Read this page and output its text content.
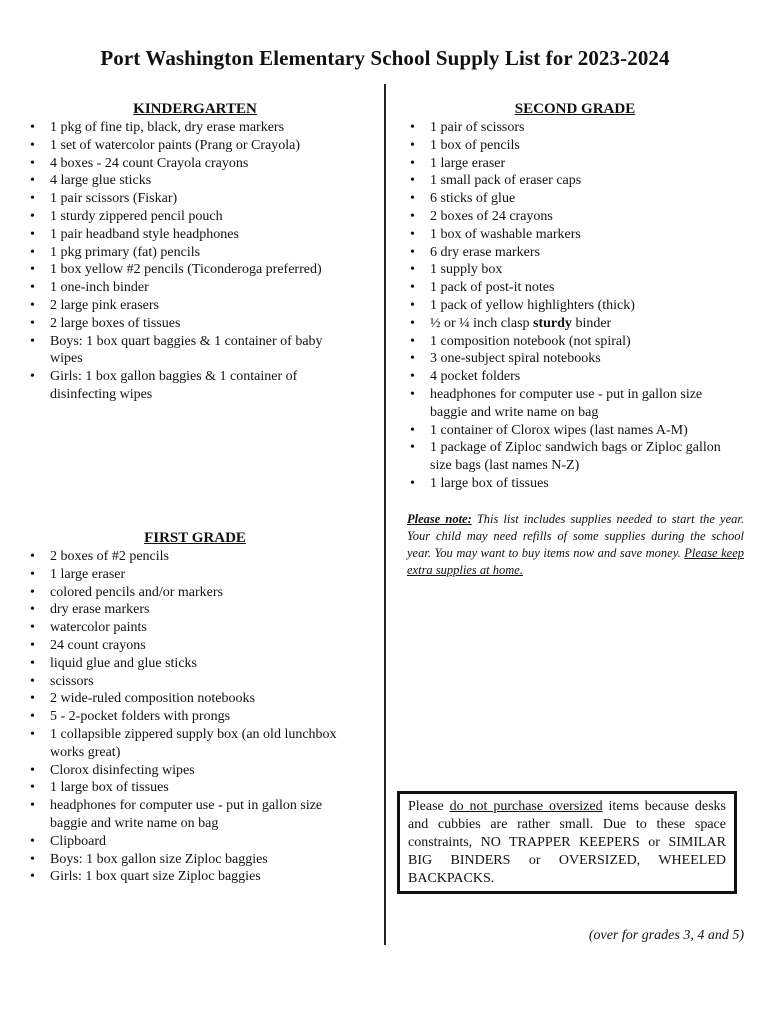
Port Washington Elementary School Supply List for 2023-2024
KINDERGARTEN
• 1 pkg of fine tip, black, dry erase markers
• 1 set of watercolor paints (Prang or Crayola)
• 4 boxes - 24 count Crayola crayons
• 4 large glue sticks
• 1 pair scissors (Fiskar)
• 1 sturdy zippered pencil pouch
• 1 pair headband style headphones
• 1 pkg primary (fat) pencils
• 1 box yellow #2 pencils (Ticonderoga preferred)
• 1 one-inch binder
• 2 large pink erasers
• 2 large boxes of tissues
• Boys: 1 box quart baggies & 1 container of baby wipes
• Girls: 1 box gallon baggies & 1 container of disinfecting wipes
FIRST GRADE
• 2 boxes of #2 pencils
• 1 large eraser
• colored pencils and/or markers
• dry erase markers
• watercolor paints
• 24 count crayons
• liquid glue and glue sticks
• scissors
• 2 wide-ruled composition notebooks
• 5 - 2-pocket folders with prongs
• 1 collapsible zippered supply box (an old lunchbox works great)
• Clorox disinfecting wipes
• 1 large box of tissues
• headphones for computer use - put in gallon size baggie and write name on bag
• Clipboard
• Boys: 1 box gallon size Ziploc baggies
• Girls: 1 box quart size Ziploc baggies
SECOND GRADE
• 1 pair of scissors
• 1 box of pencils
• 1 large eraser
• 1 small pack of eraser caps
• 6 sticks of glue
• 2 boxes of 24 crayons
• 1 box of washable markers
• 6 dry erase markers
• 1 supply box
• 1 pack of post-it notes
• 1 pack of yellow highlighters (thick)
• ½ or ¼ inch clasp sturdy binder
• 1 composition notebook (not spiral)
• 3 one-subject spiral notebooks
• 4 pocket folders
• headphones for computer use - put in gallon size baggie and write name on bag
• 1 container of Clorox wipes (last names A-M)
• 1 package of Ziploc sandwich bags or Ziploc gallon size bags (last names N-Z)
• 1 large box of tissues
Please note: This list includes supplies needed to start the year. Your child may need refills of some supplies during the school year. You may want to buy items now and save money. Please keep extra supplies at home.
Please do not purchase oversized items because desks and cubbies are rather small. Due to these space constraints, NO TRAPPER KEEPERS or SIMILAR BIG BINDERS or OVERSIZED, WHEELED BACKPACKS.
(over for grades 3, 4 and 5)
